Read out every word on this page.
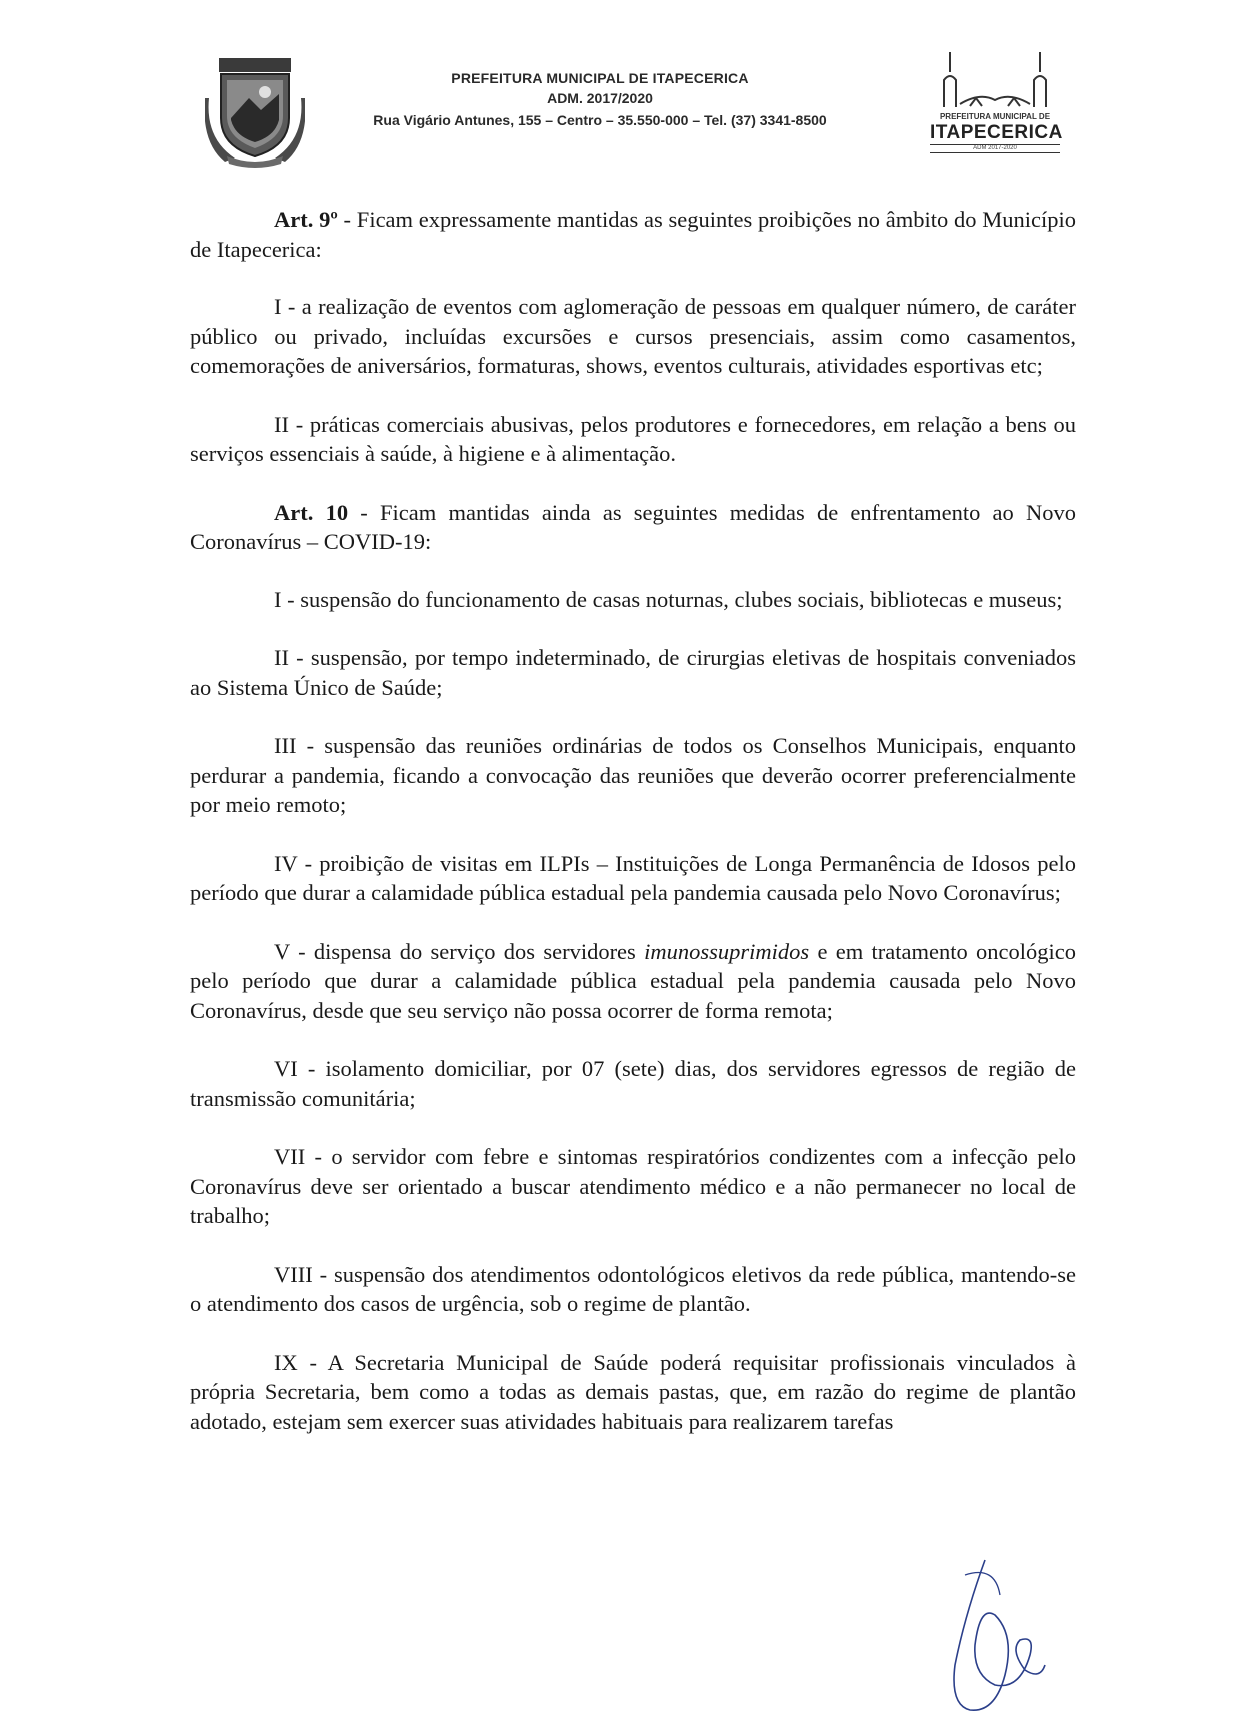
PREFEITURA MUNICIPAL DE ITAPECERICA
ADM. 2017/2020
Rua Vigário Antunes, 155 – Centro – 35.550-000 – Tel. (37) 3341-8500	PREFEITURA MUNICIPAL DE
ITAPECERICA
ADM 2017-2020

Art. 9º - Ficam expressamente mantidas as seguintes proibições no âmbito do Município de Itapecerica:

I - a realização de eventos com aglomeração de pessoas em qualquer número, de caráter público ou privado, incluídas excursões e cursos presenciais, assim como casamentos, comemorações de aniversários, formaturas, shows, eventos culturais, atividades esportivas etc;

II - práticas comerciais abusivas, pelos produtores e fornecedores, em relação a bens ou serviços essenciais à saúde, à higiene e à alimentação.

Art. 10 - Ficam mantidas ainda as seguintes medidas de enfrentamento ao Novo Coronavírus – COVID-19:

I - suspensão do funcionamento de casas noturnas, clubes sociais, bibliotecas e museus;

II - suspensão, por tempo indeterminado, de cirurgias eletivas de hospitais conveniados ao Sistema Único de Saúde;

III - suspensão das reuniões ordinárias de todos os Conselhos Municipais, enquanto perdurar a pandemia, ficando a convocação das reuniões que deverão ocorrer preferencialmente por meio remoto;

IV - proibição de visitas em ILPIs – Instituições de Longa Permanência de Idosos pelo período que durar a calamidade pública estadual pela pandemia causada pelo Novo Coronavírus;

V - dispensa do serviço dos servidores imunossuprimidos e em tratamento oncológico pelo período que durar a calamidade pública estadual pela pandemia causada pelo Novo Coronavírus, desde que seu serviço não possa ocorrer de forma remota;

VI - isolamento domiciliar, por 07 (sete) dias, dos servidores egressos de região de transmissão comunitária;

VII - o servidor com febre e sintomas respiratórios condizentes com a infecção pelo Coronavírus deve ser orientado a buscar atendimento médico e a não permanecer no local de trabalho;

VIII - suspensão dos atendimentos odontológicos eletivos da rede pública, mantendo-se o atendimento dos casos de urgência, sob o regime de plantão.

IX - A Secretaria Municipal de Saúde poderá requisitar profissionais vinculados à própria Secretaria, bem como a todas as demais pastas, que, em razão do regime de plantão adotado, estejam sem exercer suas atividades habituais para realizarem tarefas
